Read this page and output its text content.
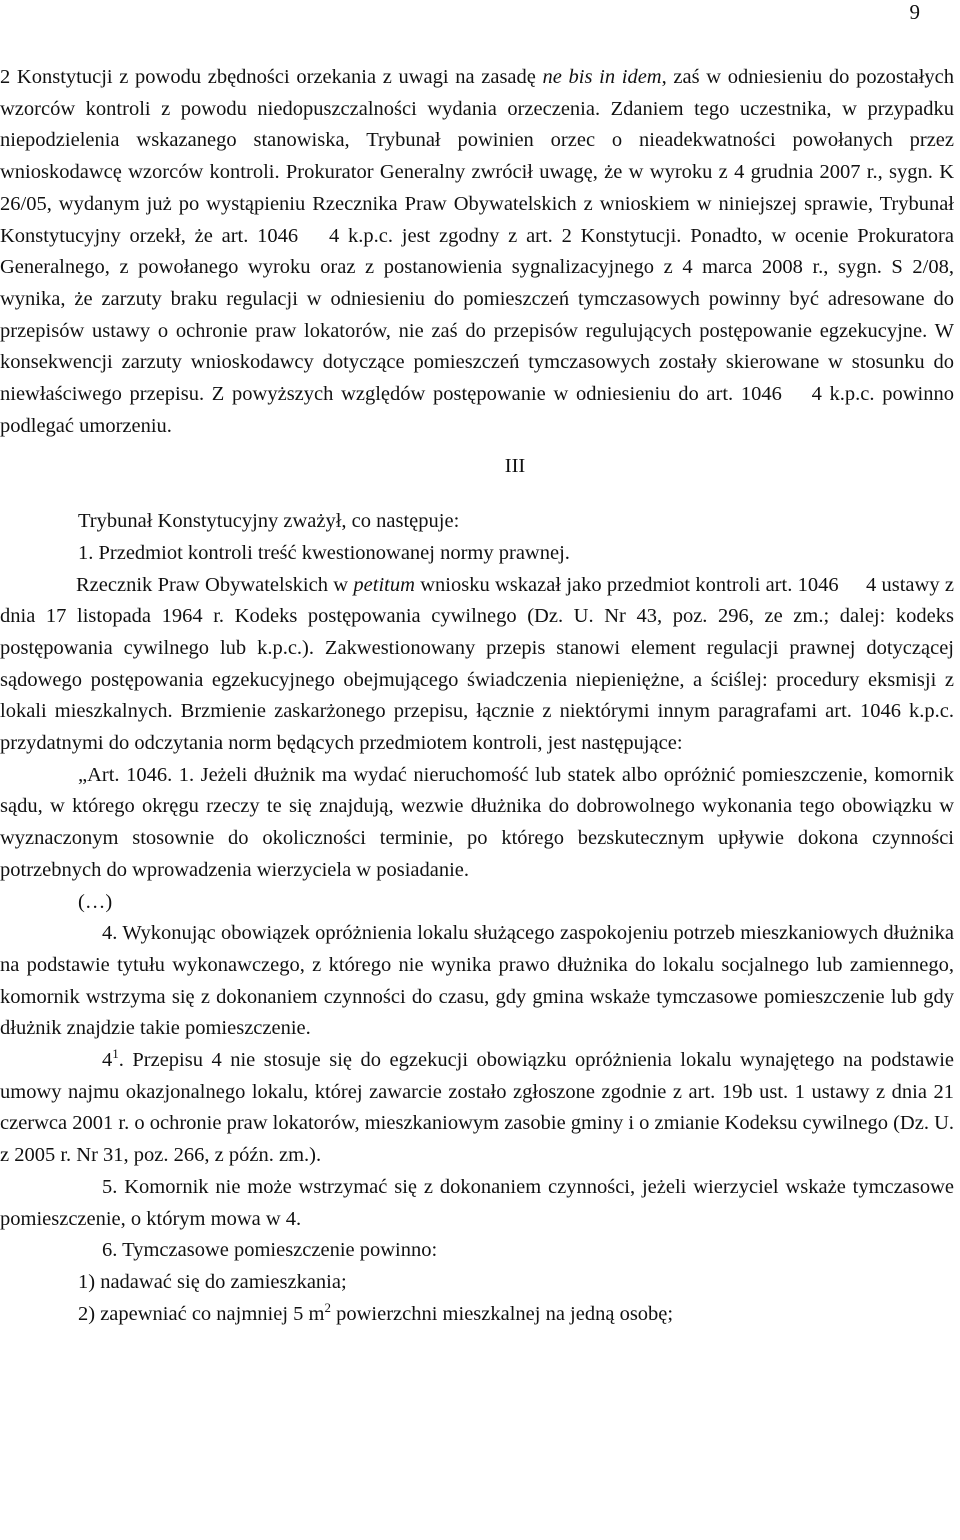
9

2 Konstytucji z powodu zbędności orzekania z uwagi na zasadę ne bis in idem, zaś w odniesieniu do pozostałych wzorców kontroli z powodu niedopuszczalności wydania orzeczenia. Zdaniem tego uczestnika, w przypadku niepodzielenia wskazanego stanowiska, Trybunał powinien orzec o nieadekwatności powołanych przez wnioskodawcę wzorców kontroli. Prokurator Generalny zwrócił uwagę, że w wyroku z 4 grudnia 2007 r., sygn. K 26/05, wydanym już po wystąpieniu Rzecznika Praw Obywatelskich z wnioskiem w niniejszej sprawie, Trybunał Konstytucyjny orzekł, że art. 1046 4 k.p.c. jest zgodny z art. 2 Konstytucji. Ponadto, w ocenie Prokuratora Generalnego, z powołanego wyroku oraz z postanowienia sygnalizacyjnego z 4 marca 2008 r., sygn. S 2/08, wynika, że zarzuty braku regulacji w odniesieniu do pomieszczeń tymczasowych powinny być adresowane do przepisów ustawy o ochronie praw lokatorów, nie zaś do przepisów regulujących postępowanie egzekucyjne. W konsekwencji zarzuty wnioskodawcy dotyczące pomieszczeń tymczasowych zostały skierowane w stosunku do niewłaściwego przepisu. Z powyższych względów postępowanie w odniesieniu do art. 1046 4 k.p.c. powinno podlegać umorzeniu.

III
Trybunał Konstytucyjny zważył, co następuje:

1. Przedmiot kontroli treść kwestionowanej normy prawnej.

Rzecznik Praw Obywatelskich w petitum wniosku wskazał jako przedmiot kontroli art. 1046 4 ustawy z dnia 17 listopada 1964 r. Kodeks postępowania cywilnego (Dz. U. Nr 43, poz. 296, ze zm.; dalej: kodeks postępowania cywilnego lub k.p.c.). Zakwestionowany przepis stanowi element regulacji prawnej dotyczącej sądowego postępowania egzekucyjnego obejmującego świadczenia niepieniężne, a ściślej: procedury eksmisji z lokali mieszkalnych. Brzmienie zaskarżonego przepisu, łącznie z niektórymi innym paragrafami art. 1046 k.p.c. przydatnymi do odczytania norm będących przedmiotem kontroli, jest następujące:

„Art. 1046. 1. Jeżeli dłużnik ma wydać nieruchomość lub statek albo opróżnić pomieszczenie, komornik sądu, w którego okręgu rzeczy te się znajdują, wezwie dłużnika do dobrowolnego wykonania tego obowiązku w wyznaczonym stosownie do okoliczności terminie, po którego bezskutecznym upływie dokona czynności potrzebnych do wprowadzenia wierzyciela w posiadanie.

(…)

4. Wykonując obowiązek opróżnienia lokalu służącego zaspokojeniu potrzeb mieszkaniowych dłużnika na podstawie tytułu wykonawczego, z którego nie wynika prawo dłużnika do lokalu socjalnego lub zamiennego, komornik wstrzyma się z dokonaniem czynności do czasu, gdy gmina wskaże tymczasowe pomieszczenie lub gdy dłużnik znajdzie takie pomieszczenie.

$4^1$. Przepisu 4 nie stosuje się do egzekucji obowiązku opróżnienia lokalu wynajętego na podstawie umowy najmu okazjonalnego lokalu, której zawarcie zostało zgłoszone zgodnie z art. 19b ust. 1 ustawy z dnia 21 czerwca 2001 r. o ochronie praw lokatorów, mieszkaniowym zasobie gminy i o zmianie Kodeksu cywilnego (Dz. U. z 2005 r. Nr 31, poz. 266, z późn. zm.).

5. Komornik nie może wstrzymać się z dokonaniem czynności, jeżeli wierzyciel wskaże tymczasowe pomieszczenie, o którym mowa w 4.

6. Tymczasowe pomieszczenie powinno:

1) nadawać się do zamieszkania;

2) zapewniać co najmniej 5 $m^2$ powierzchni mieszkalnej na jedną osobę;
